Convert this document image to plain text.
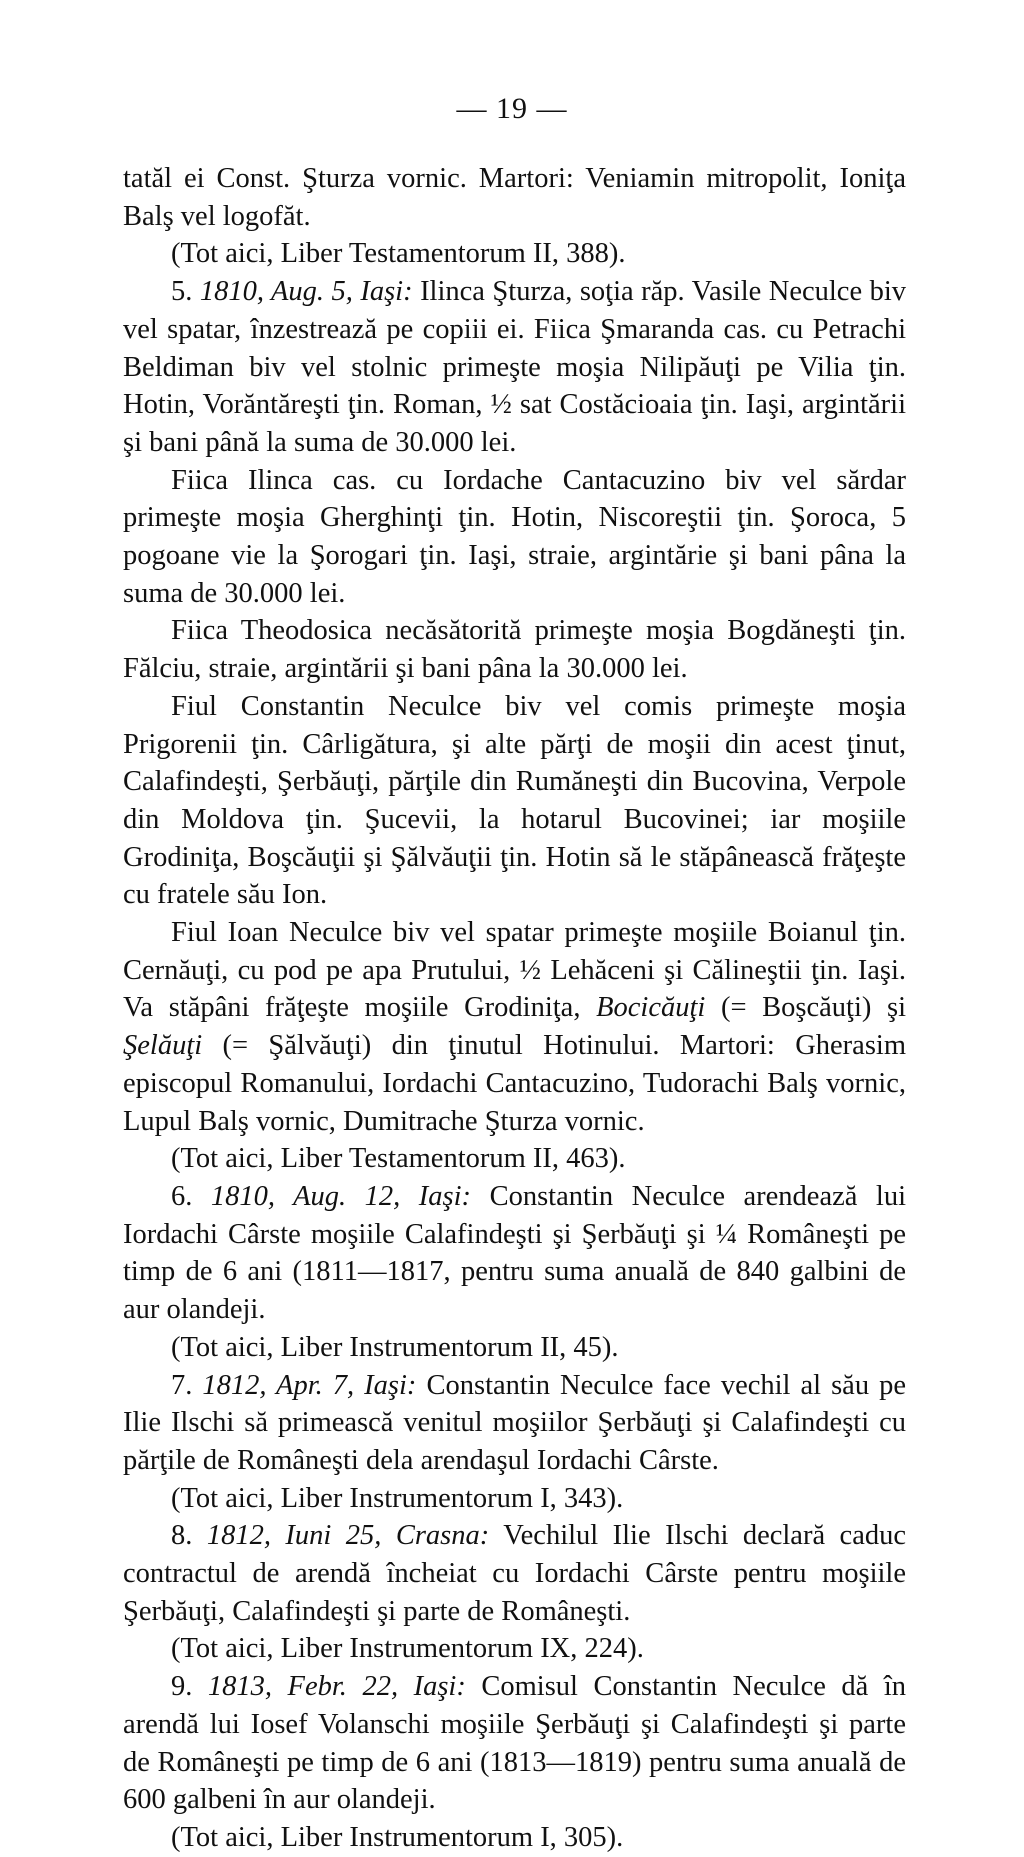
— 19 —

tatăl ei Const. Şturza vornic. Martori: Veniamin mitropolit, Ioniţa Balş vel logofăt.

(Tot aici, Liber Testamentorum II, 388).

5. 1810, Aug. 5, Iaşi: Ilinca Şturza, soţia răp. Vasile Neculce biv vel spatar, înzestrează pe copiii ei. Fiica Şmaranda cas. cu Petrachi Beldiman biv vel stolnic primeşte moşia Nilipăuţi pe Vilia ţin. Hotin, Vorăntăreşti ţin. Roman, ½ sat Costăcioaia ţin. Iaşi, argintării şi bani până la suma de 30.000 lei.

Fiica Ilinca cas. cu Iordache Cantacuzino biv vel sărdar primeşte moşia Gherghinţi ţin. Hotin, Niscoreştii ţin. Şoroca, 5 pogoane vie la Şorogari ţin. Iaşi, straie, argintărie şi bani pâna la suma de 30.000 lei.

Fiica Theodosica necăsătorită primeşte moşia Bogdăneşti ţin. Fălciu, straie, argintării şi bani pâna la 30.000 lei.

Fiul Constantin Neculce biv vel comis primeşte moşia Prigorenii ţin. Cârligătura, şi alte părţi de moşii din acest ţinut, Calafindeşti, Şerbăuţi, părţile din Rumăneşti din Bucovina, Verpole din Moldova ţin. Şucevii, la hotarul Bucovinei; iar moşiile Grodiniţa, Boşcăuţii şi Şălvăuţii ţin. Hotin să le stăpânească frăţeşte cu fratele său Ion.

Fiul Ioan Neculce biv vel spatar primeşte moşiile Boianul ţin. Cernăuţi, cu pod pe apa Prutului, ½ Lehăceni şi Călineştii ţin. Iaşi. Va stăpâni frăţeşte moşiile Grodiniţa, Bocicăuţi (= Boşcăuţi) şi Şelăuţi (= Şălvăuţi) din ţinutul Hotinului. Martori: Gherasim episcopul Romanului, Iordachi Cantacuzino, Tudorachi Balş vornic, Lupul Balş vornic, Dumitrache Şturza vornic.

(Tot aici, Liber Testamentorum II, 463).

6. 1810, Aug. 12, Iaşi: Constantin Neculce arendează lui Iordachi Cârste moşiile Calafindeşti şi Şerbăuţi şi ¼ Româneşti pe timp de 6 ani (1811—1817, pentru suma anuală de 840 galbini de aur olandeji.

(Tot aici, Liber Instrumentorum II, 45).

7. 1812, Apr. 7, Iaşi: Constantin Neculce face vechil al său pe Ilie Ilschi să primească venitul moşiilor Şerbăuţi şi Calafindeşti cu părţile de Româneşti dela arendaşul Iordachi Cârste.

(Tot aici, Liber Instrumentorum I, 343).

8. 1812, Iuni 25, Crasna: Vechilul Ilie Ilschi declară caduc contractul de arendă încheiat cu Iordachi Cârste pentru moşiile Şerbăuţi, Calafindeşti şi parte de Româneşti.

(Tot aici, Liber Instrumentorum IX, 224).

9. 1813, Febr. 22, Iaşi: Comisul Constantin Neculce dă în arendă lui Iosef Volanschi moşiile Şerbăuţi şi Calafindeşti şi parte de Româneşti pe timp de 6 ani (1813—1819) pentru suma anuală de 600 galbeni în aur olandeji.

(Tot aici, Liber Instrumentorum I, 305).
